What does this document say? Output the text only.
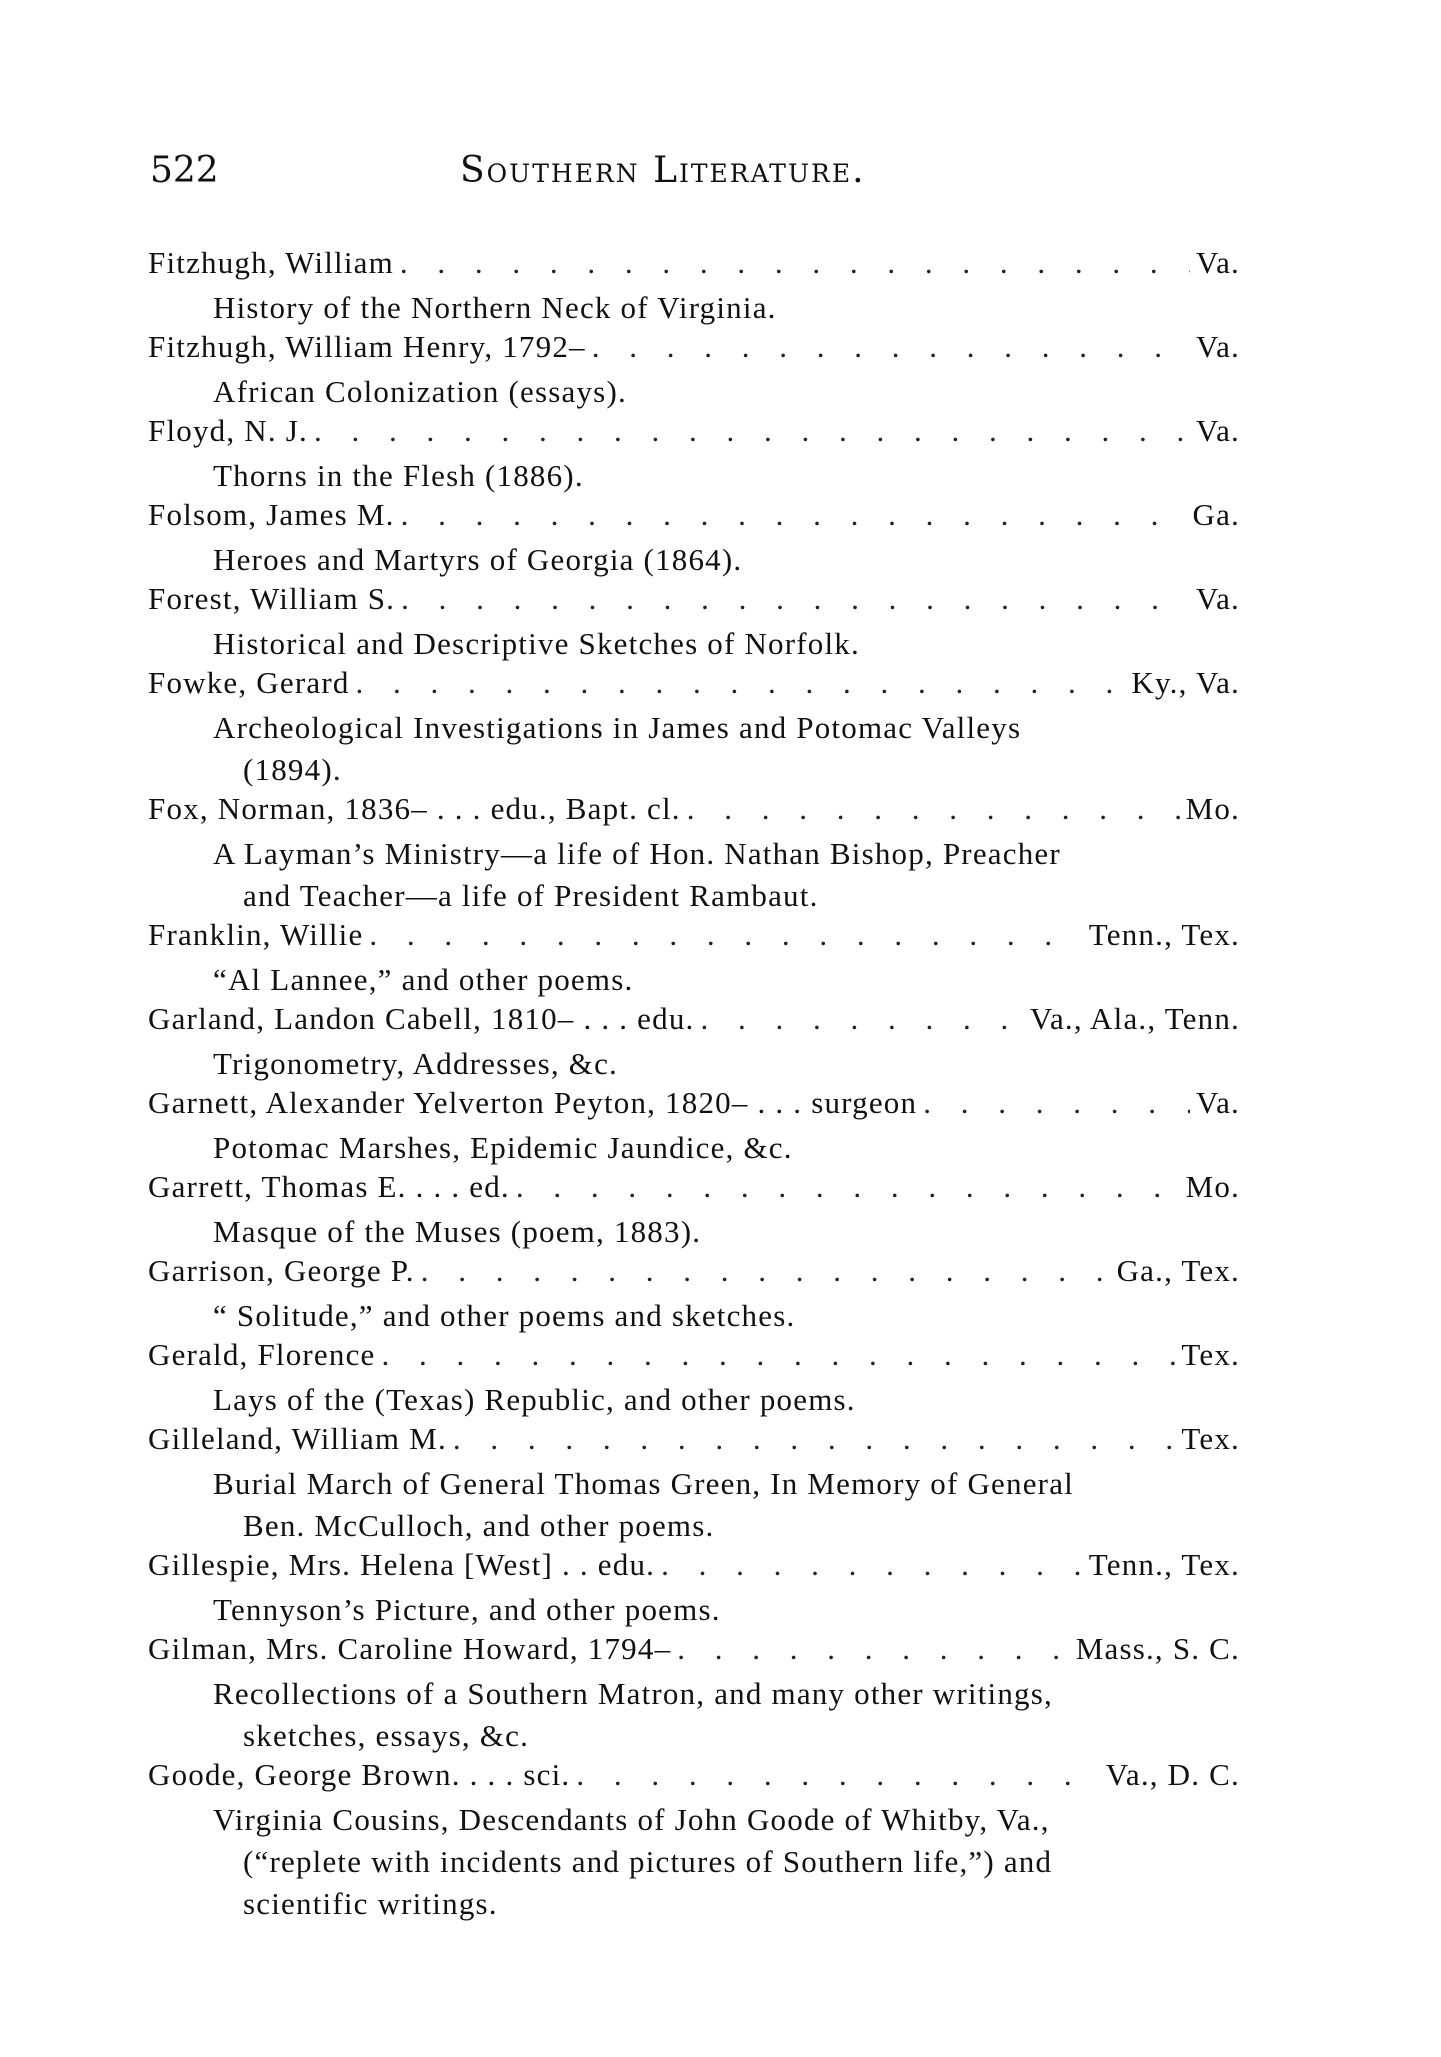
522	Southern Literature.
Fitzhugh, William . . .	Va.
History of the Northern Neck of Virginia.
Fitzhugh, William Henry, 1792– . . .	Va.
African Colonization (essays).
Floyd, N. J. . . .	Va.
Thorns in the Flesh (1886).
Folsom, James M. . . .	Ga.
Heroes and Martyrs of Georgia (1864).
Forest, William S. . . .	Va.
Historical and Descriptive Sketches of Norfolk.
Fowke, Gerard . . .	Ky., Va.
Archeological Investigations in James and Potomac Valleys
(1894).
Fox, Norman, 1836– . . . edu., Bapt. cl. . . .	Mo.
A Layman’s Ministry—a life of Hon. Nathan Bishop, Preacher
and Teacher—a life of President Rambaut.
Franklin, Willie . . .	Tenn., Tex.
“Al Lannee,” and other poems.
Garland, Landon Cabell, 1810– . . . edu. . . .	Va., Ala., Tenn.
Trigonometry, Addresses, &c.
Garnett, Alexander Yelverton Peyton, 1820– . . . surgeon . . .	Va.
Potomac Marshes, Epidemic Jaundice, &c.
Garrett, Thomas E. . . . ed. . . .	Mo.
Masque of the Muses (poem, 1883).
Garrison, George P. . . .	Ga., Tex.
“ Solitude,” and other poems and sketches.
Gerald, Florence . . .	Tex.
Lays of the (Texas) Republic, and other poems.
Gilleland, William M. . . .	Tex.
Burial March of General Thomas Green, In Memory of General
Ben. McCulloch, and other poems.
Gillespie, Mrs. Helena [West] . . edu. . . .	Tenn., Tex.
Tennyson’s Picture, and other poems.
Gilman, Mrs. Caroline Howard, 1794– . . .	Mass., S. C.
Recollections of a Southern Matron, and many other writings,
sketches, essays, &c.
Goode, George Brown. . . . sci. . . .	Va., D. C.
Virginia Cousins, Descendants of John Goode of Whitby, Va.,
(“replete with incidents and pictures of Southern life,”) and
scientific writings.
